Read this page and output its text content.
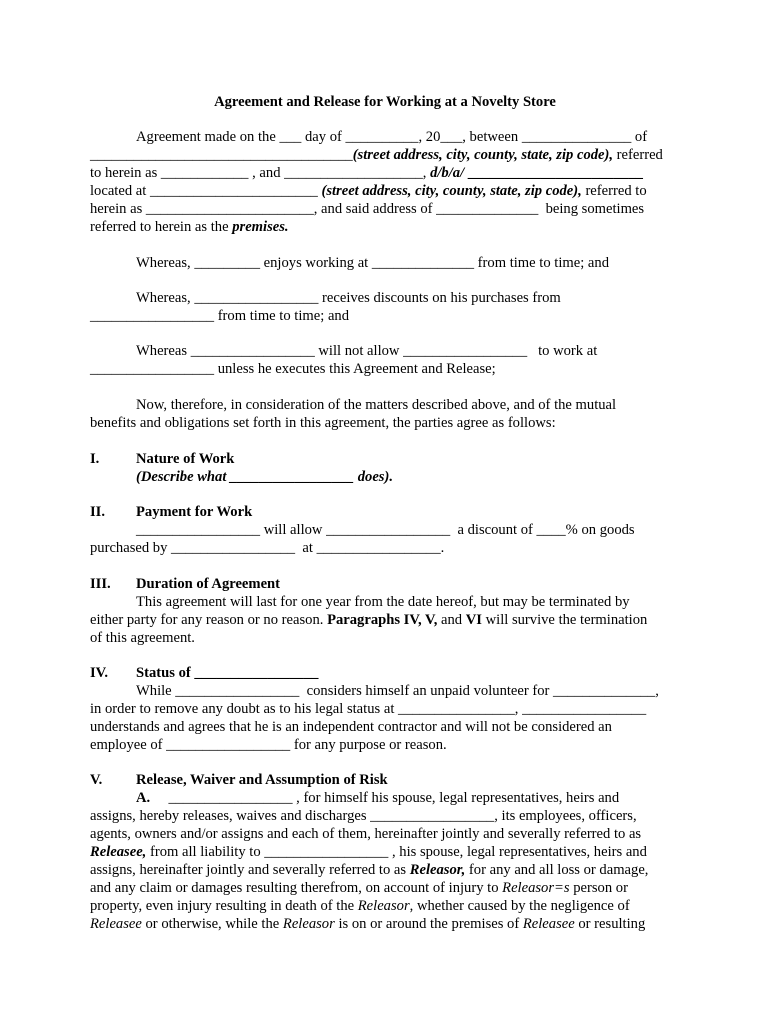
Agreement and Release for Working at a Novelty Store
Agreement made on the ___ day of __________, 20___, between _______________ of
____________________________________(street address, city, county, state, zip code), referred
to herein as ____________ , and ___________________, d/b/a/ ________________________
located at _______________________ (street address, city, county, state, zip code), referred to
herein as _______________________, and said address of ______________  being sometimes
referred to herein as the premises.
Whereas, _________ enjoys working at ______________ from time to time; and
Whereas, _________________ receives discounts on his purchases from
_________________ from time to time; and
Whereas _________________ will not allow _________________   to work at
_________________ unless he executes this Agreement and Release;
Now, therefore, in consideration of the matters described above, and of the mutual
benefits and obligations set forth in this agreement, the parties agree as follows:
I.	Nature of Work
(Describe what _________________ does).
II. Payment for Work
_________________ will allow _________________  a discount of ____% on goods
purchased by _________________  at _________________.
III. Duration of Agreement
This agreement will last for one year from the date hereof, but may be terminated by
either party for any reason or no reason. Paragraphs IV, V, and VI will survive the termination
of this agreement.
IV. Status of _________________
While _________________  considers himself an unpaid volunteer for ______________,
in order to remove any doubt as to his legal status at ________________, _________________
understands and agrees that he is an independent contractor and will not be considered an
employee of _________________ for any purpose or reason.
V. Release, Waiver and Assumption of Risk
A.     _________________ , for himself his spouse, legal representatives, heirs and
assigns, hereby releases, waives and discharges _________________, its employees, officers,
agents, owners and/or assigns and each of them, hereinafter jointly and severally referred to as
Releasee, from all liability to _________________ , his spouse, legal representatives, heirs and
assigns, hereinafter jointly and severally referred to as Releasor, for any and all loss or damage,
and any claim or damages resulting therefrom, on account of injury to Releasor=s person or
property, even injury resulting in death of the Releasor, whether caused by the negligence of
Releasee or otherwise, while the Releasor is on or around the premises of Releasee or resulting
